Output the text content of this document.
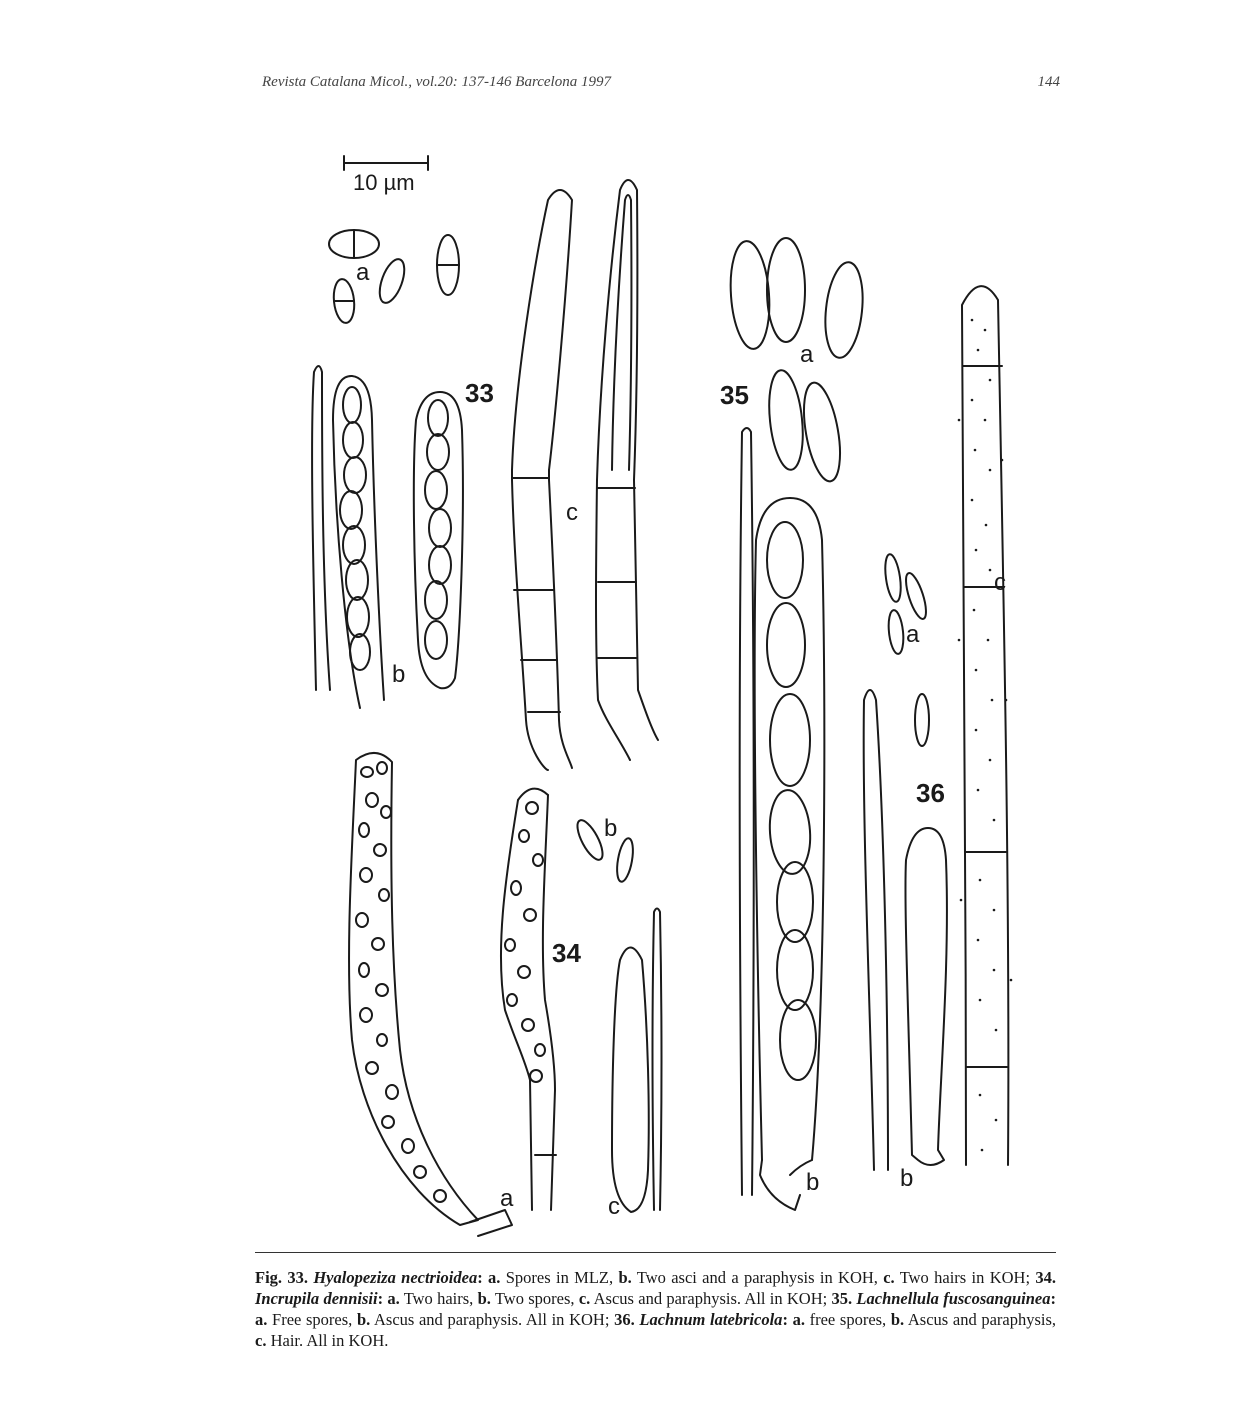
Revista Catalana Micol., vol.20: 137-146 Barcelona 1997	144
10 µm
33
a
b
c
34
a
b
c
35
a
b
36
a
b
c
Fig. 33. Hyalopeziza nectrioidea: a. Spores in MLZ, b. Two asci and a paraphysis in KOH, c. Two hairs in KOH; 34. Incrupila dennisii: a. Two hairs, b. Two spores, c. Ascus and paraphysis. All in KOH; 35. Lachnellula fuscosanguinea: a. Free spores, b. Ascus and paraphysis. All in KOH; 36. Lachnum latebricola: a. free spores, b. Ascus and paraphysis, c. Hair. All in KOH.
